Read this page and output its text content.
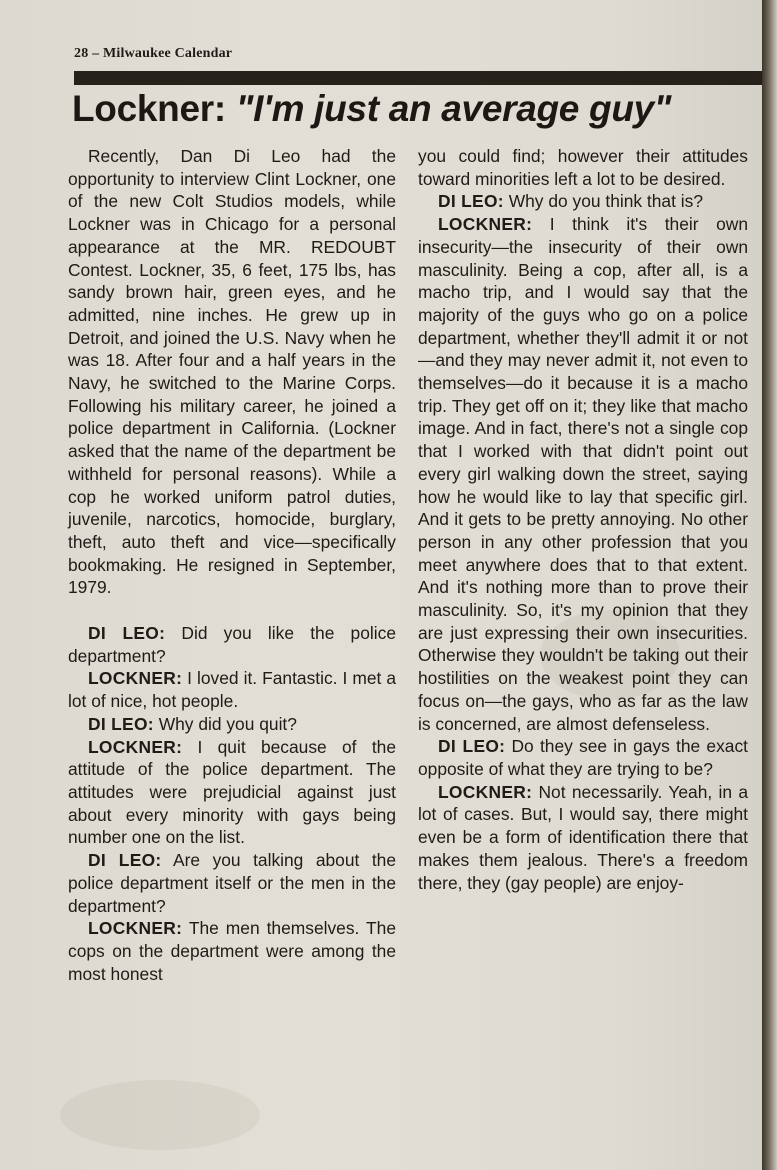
28 – Milwaukee Calendar
Lockner: "I'm just an average guy"

Recently, Dan Di Leo had the opportunity to interview Clint Lockner, one of the new Colt Studios models, while Lockner was in Chicago for a personal appearance at the MR. REDOUBT Contest. Lockner, 35, 6 feet, 175 lbs, has sandy brown hair, green eyes, and he admitted, nine inches. He grew up in Detroit, and joined the U.S. Navy when he was 18. After four and a half years in the Navy, he switched to the Marine Corps. Following his military career, he joined a police department in California. (Lockner asked that the name of the department be withheld for personal reasons). While a cop he worked uniform patrol duties, juvenile, narcotics, homocide, burglary, theft, auto theft and vice—specifically bookmaking. He resigned in September, 1979.

DI LEO: Did you like the police department?

LOCKNER: I loved it. Fantastic. I met a lot of nice, hot people.

DI LEO: Why did you quit?

LOCKNER: I quit because of the attitude of the police department. The attitudes were prejudicial against just about every minority with gays being number one on the list.

DI LEO: Are you talking about the police department itself or the men in the department?

LOCKNER: The men themselves. The cops on the department were among the most honest

you could find; however their attitudes toward minorities left a lot to be desired.

DI LEO: Why do you think that is?

LOCKNER: I think it's their own insecurity—the insecurity of their own masculinity. Being a cop, after all, is a macho trip, and I would say that the majority of the guys who go on a police department, whether they'll admit it or not—and they may never admit it, not even to themselves—do it because it is a macho trip. They get off on it; they like that macho image. And in fact, there's not a single cop that I worked with that didn't point out every girl walking down the street, saying how he would like to lay that specific girl. And it gets to be pretty annoying. No other person in any other profession that you meet anywhere does that to that extent. And it's nothing more than to prove their masculinity. So, it's my opinion that they are just expressing their own insecurities. Otherwise they wouldn't be taking out their hostilities on the weakest point they can focus on—the gays, who as far as the law is concerned, are almost defenseless.

DI LEO: Do they see in gays the exact opposite of what they are trying to be?

LOCKNER: Not necessarily. Yeah, in a lot of cases. But, I would say, there might even be a form of identification there that makes them jealous. There's a freedom there, they (gay people) are enjoy-
